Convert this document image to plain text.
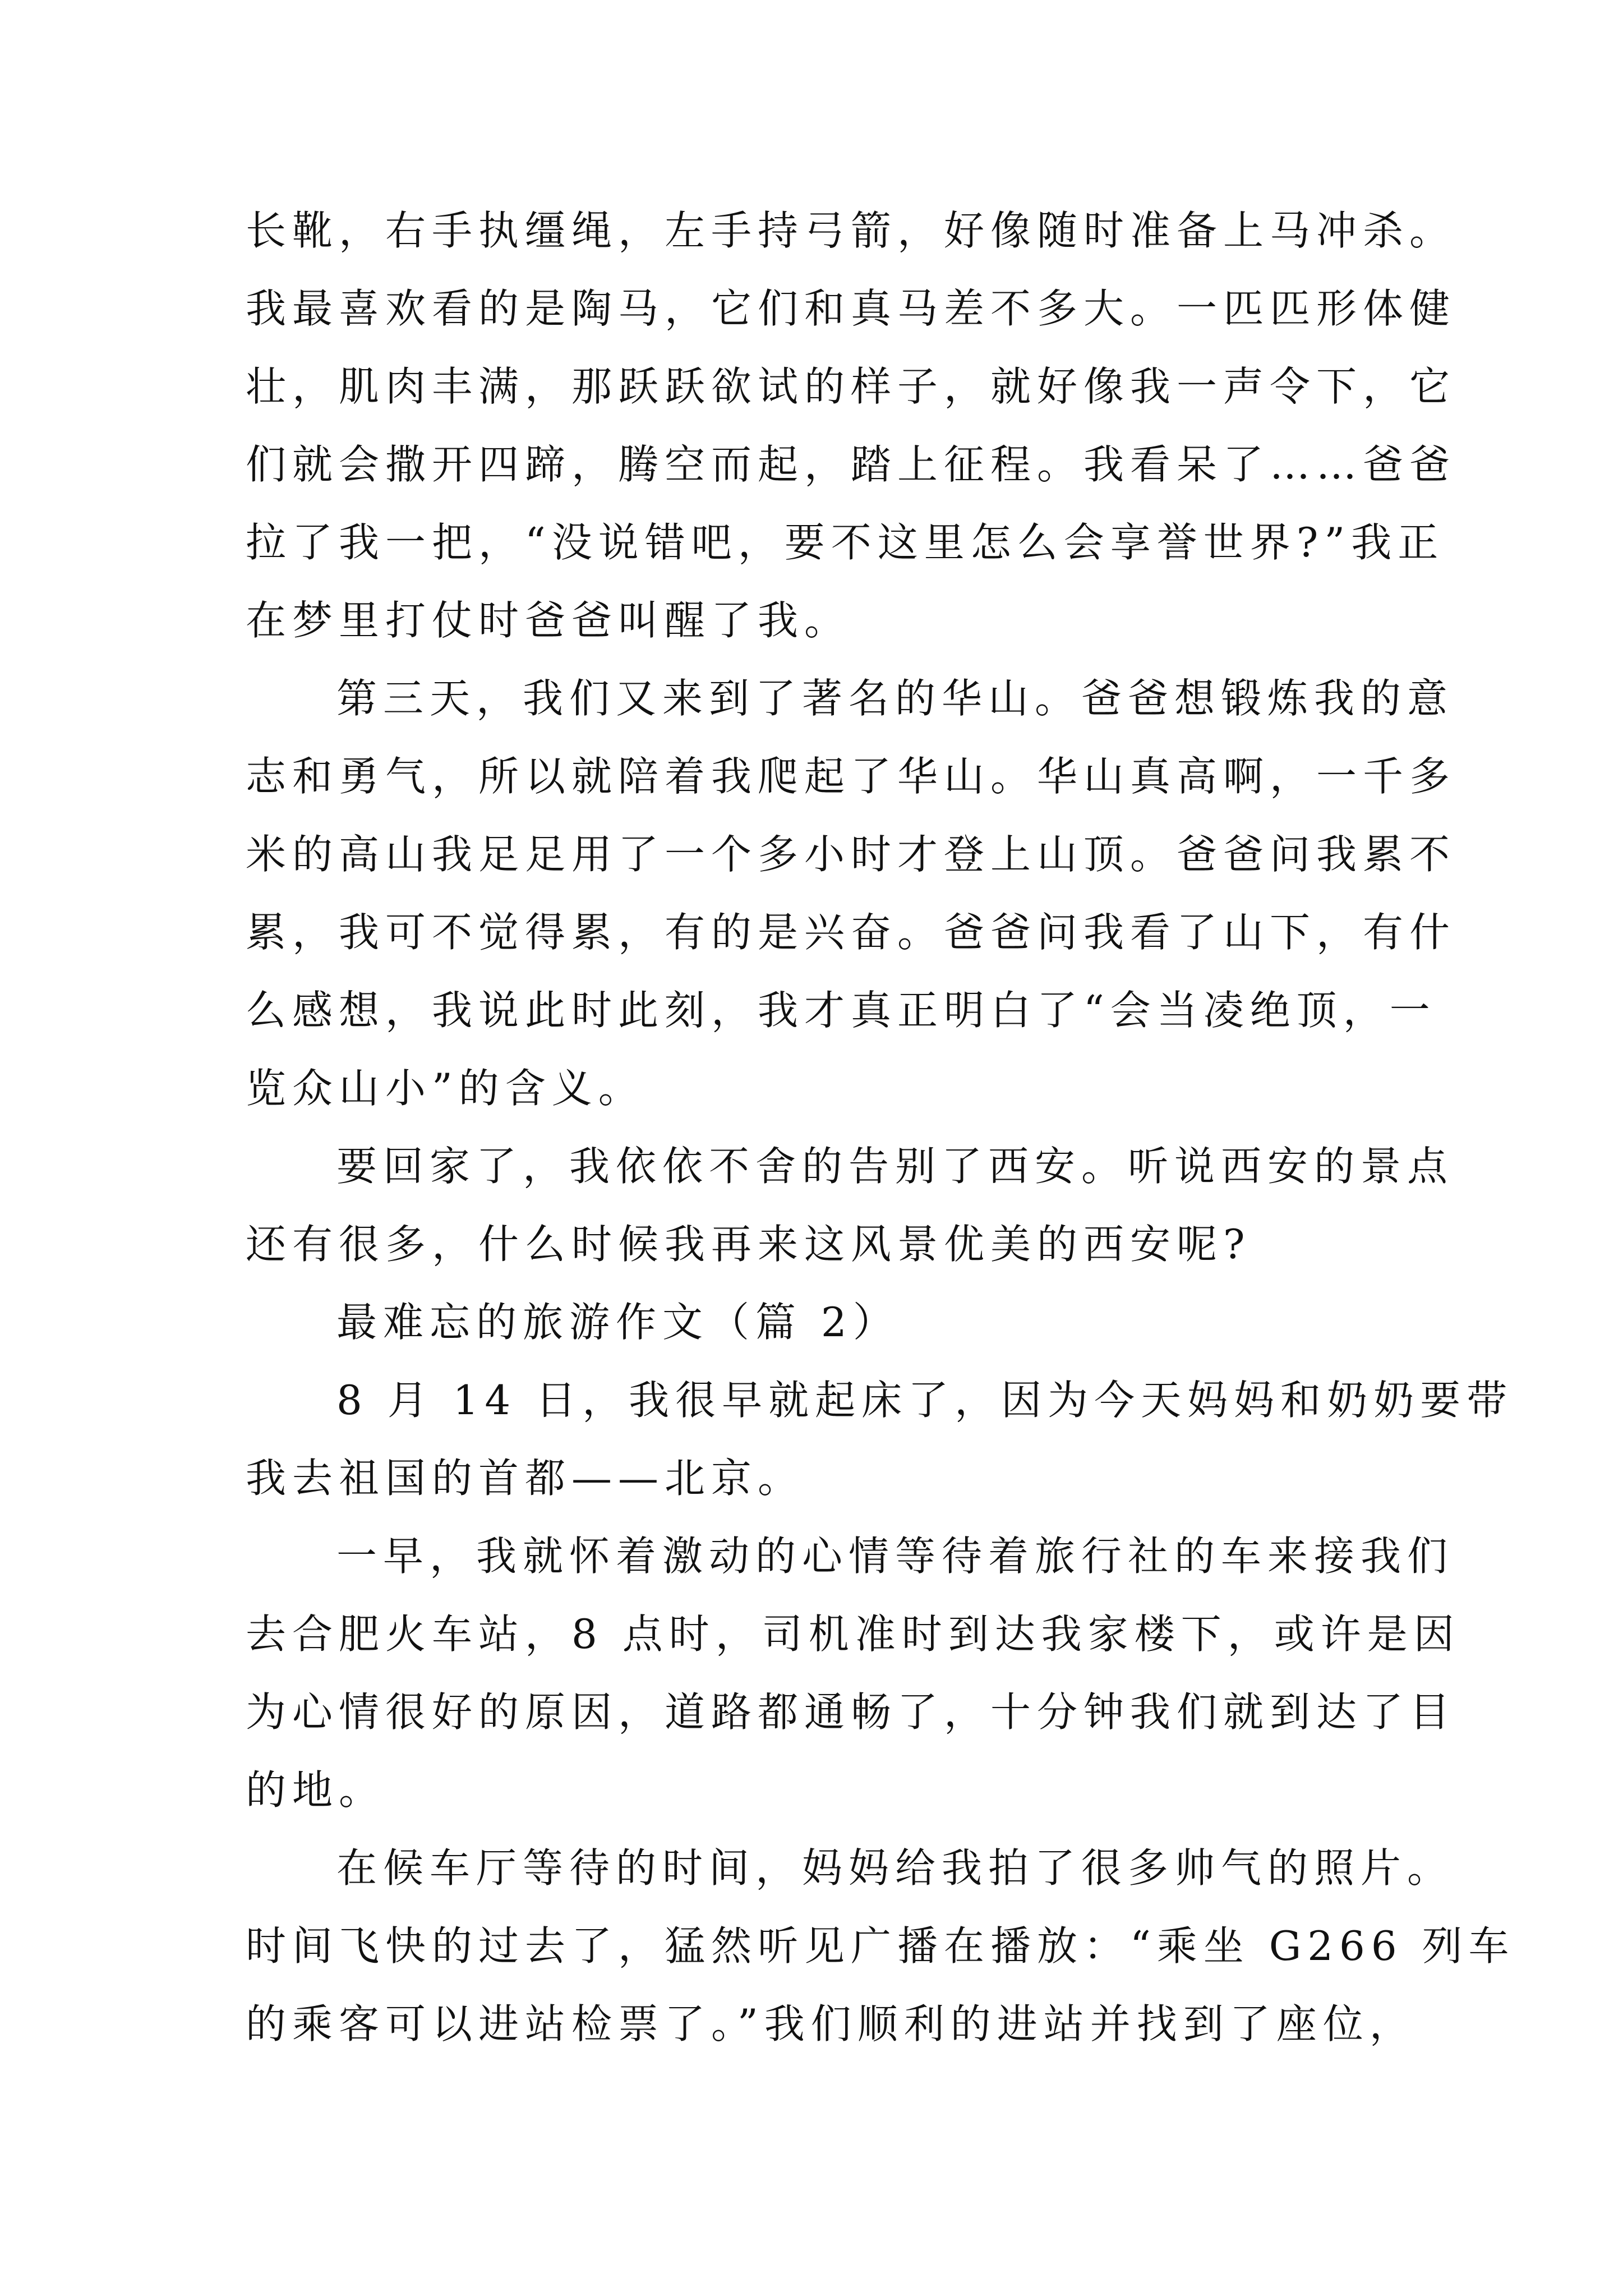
长靴，右手执缰绳，左手持弓箭，好像随时准备上马冲杀。
我最喜欢看的是陶马，它们和真马差不多大。一匹匹形体健
壮，肌肉丰满，那跃跃欲试的样子，就好像我一声令下，它
们就会撒开四蹄，腾空而起，踏上征程。我看呆了……爸爸
拉了我一把，“没说错吧，要不这里怎么会享誉世界?”我正
在梦里打仗时爸爸叫醒了我。
第三天，我们又来到了著名的华山。爸爸想锻炼我的意
志和勇气，所以就陪着我爬起了华山。华山真高啊，一千多
米的高山我足足用了一个多小时才登上山顶。爸爸问我累不
累，我可不觉得累，有的是兴奋。爸爸问我看了山下，有什
么感想，我说此时此刻，我才真正明白了“会当凌绝顶，一
览众山小”的含义。
要回家了，我依依不舍的告别了西安。听说西安的景点
还有很多，什么时候我再来这风景优美的西安呢?
最难忘的旅游作文（篇 2）
8 月 14 日，我很早就起床了，因为今天妈妈和奶奶要带
我去祖国的首都——北京。
一早，我就怀着激动的心情等待着旅行社的车来接我们
去合肥火车站，8 点时，司机准时到达我家楼下，或许是因
为心情很好的原因，道路都通畅了，十分钟我们就到达了目
的地。
在候车厅等待的时间，妈妈给我拍了很多帅气的照片。
时间飞快的过去了，猛然听见广播在播放：“乘坐 G266 列车
的乘客可以进站检票了。”我们顺利的进站并找到了座位，
